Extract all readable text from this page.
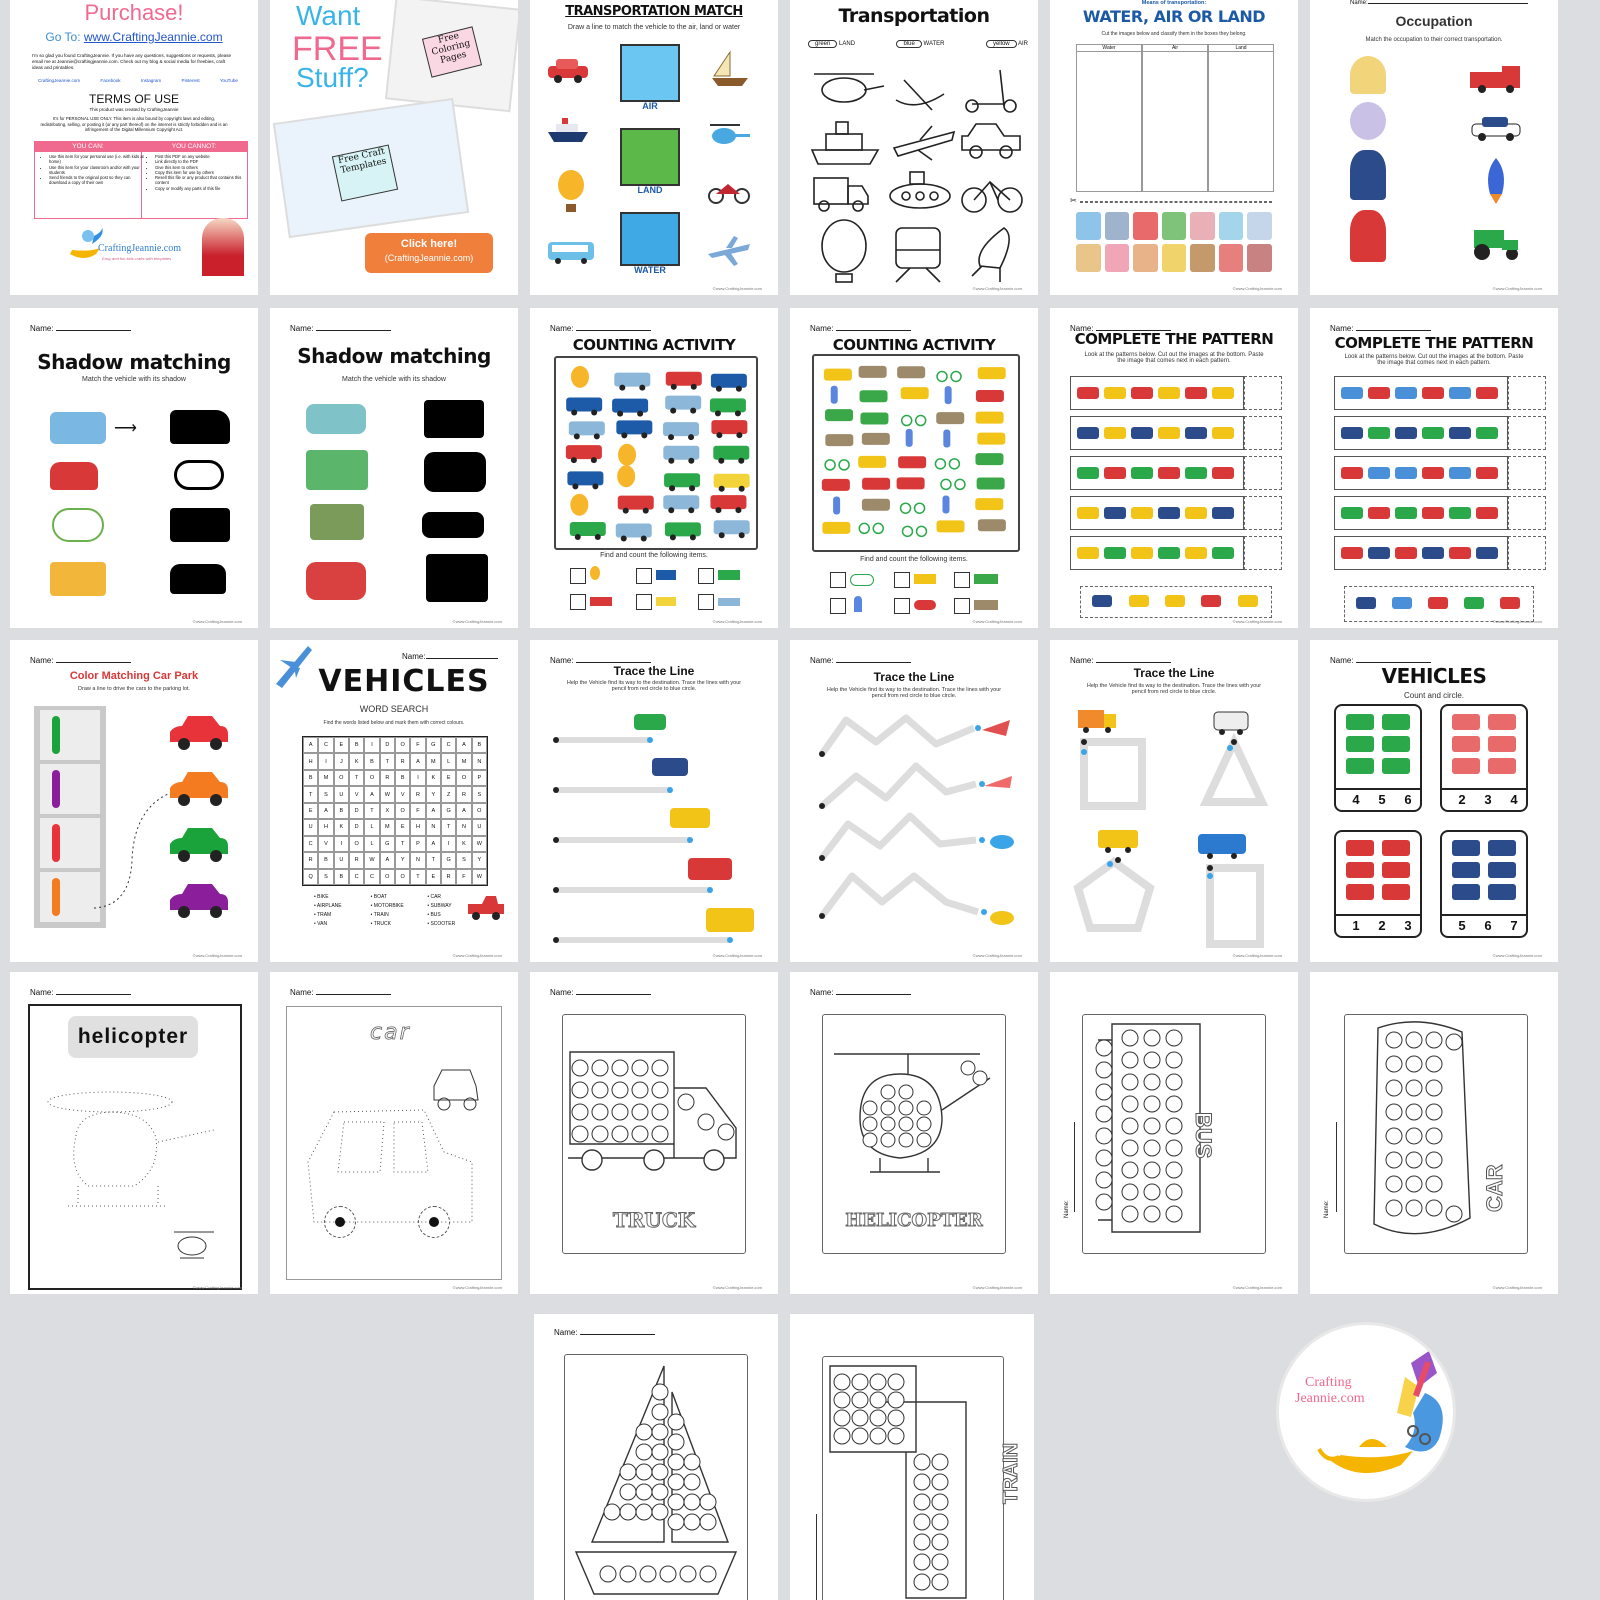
Purchase!
Go To: www.CraftingJeannie.com
I'm so glad you found CraftingJeannie. If you have any questions, suggestions or requests, please email me at Jeannie@craftingjeannie.com. Check out my blog & social media for freebies, craft ideas and printables.
CraftingJeannie.com	Facebook	Instagram	Pinterest	YouTube
TERMS OF USE
This product was created by CraftingJeannie
It's for PERSONAL USE ONLY. This item is also bound by copyright laws and editing, redistributing, selling, or posting it (or any part thereof) on the internet is strictly forbidden and is an infringement of the Digital Millennium Copyright Act.
YOU CAN:	YOU CANNOT:
• Use this item for your personal use (i.e. with kids at home)
• Use this item for your classroom and/or with your students
• Send friends to the original post so they can download a copy of their own
• Post this PDF on any website
• Link directly to the PDF
• Give this item to others
• Copy this item for use by others
• Resell this file or any product that contains this content
• Copy or modify any parts of this file
CraftingJeannie.com
Easy and fun kids crafts with templates
Want
FREE
Stuff?
Free Coloring Pages
Free Craft Templates
Click here!
(CraftingJeannie.com)
TRANSPORTATION MATCH
Draw a line to match the vehicle to the air, land or water
AIR
LAND
WATER
©www.CraftingJeannie.com
Transportation
green LAND	blue WATER	yellow AIR
©www.CraftingJeannie.com
Means of transportation:
WATER, AIR OR LAND
Cut the images below and classify them in the boxes they belong.
Water	Air	Land
✂
©www.CraftingJeannie.com
Name:
Occupation
Match the occupation to their correct transportation.
©www.CraftingJeannie.com
Name:
Shadow matching
Match the vehicle with its shadow
⟶
©www.CraftingJeannie.com
Name:
Shadow matching
Match the vehicle with its shadow
©www.CraftingJeannie.com
Name:
COUNTING ACTIVITY
Find and count the following items.
©www.CraftingJeannie.com
Name:
COUNTING ACTIVITY
Find and count the following items.
©www.CraftingJeannie.com
Name:
COMPLETE THE PATTERN
Look at the patterns below. Cut out the images at the bottom. Paste the image that comes next in each pattern.
©www.CraftingJeannie.com
Name:
COMPLETE THE PATTERN
Look at the patterns below. Cut out the images at the bottom. Paste the image that comes next in each pattern.
©www.CraftingJeannie.com
Name:
Color Matching Car Park
Draw a line to drive the cars to the parking lot.
©www.CraftingJeannie.com
Name:
VEHICLES
WORD SEARCH
Find the words listed below and mark them with correct colours.
A	C	E	B	I	D	O	F	G	C	A	B
H	I	J	K	B	T	R	A	M	L	M	N
B	M	O	T	O	R	B	I	K	E	O	P
T	S	U	V	A	W	V	R	Y	Z	R	S
E	A	B	D	T	X	O	F	A	G	A	O
U	H	K	D	L	M	E	H	N	T	N	U
C	V	I	O	L	G	T	P	A	I	K	W
R	B	U	R	W	A	Y	N	T	G	S	Y
Q	S	B	C	C	O	O	T	E	R	F	W
• BIKE
• AIRPLANE
• TRAM
• VAN
• BOAT
• MOTORBIKE
• TRAIN
• TRUCK
• CAR
• SUBWAY
• BUS
• SCOOTER
©www.CraftingJeannie.com
Name:
Trace the Line
Help the Vehicle find its way to the destination. Trace the lines with your pencil from red circle to blue circle.
©www.CraftingJeannie.com
Name:
Trace the Line
Help the Vehicle find its way to the destination. Trace the lines with your pencil from red circle to blue circle.
©www.CraftingJeannie.com
Name:
Trace the Line
Help the Vehicle find its way to the destination. Trace the lines with your pencil from red circle to blue circle.
©www.CraftingJeannie.com
Name:
VEHICLES
Count and circle.
4	5	6	2	3	4
1	2	3	5	6	7
©www.CraftingJeannie.com
Name:
helicopter
©www.CraftingJeannie.com
Name:
car
©www.CraftingJeannie.com
Name:
TRUCK
©www.CraftingJeannie.com
Name:
HELICOPTER
©www.CraftingJeannie.com
BUS
Name:
©www.CraftingJeannie.com
CAR
Name:
©www.CraftingJeannie.com
Name:
TRAIN
Crafting
Jeannie.com
